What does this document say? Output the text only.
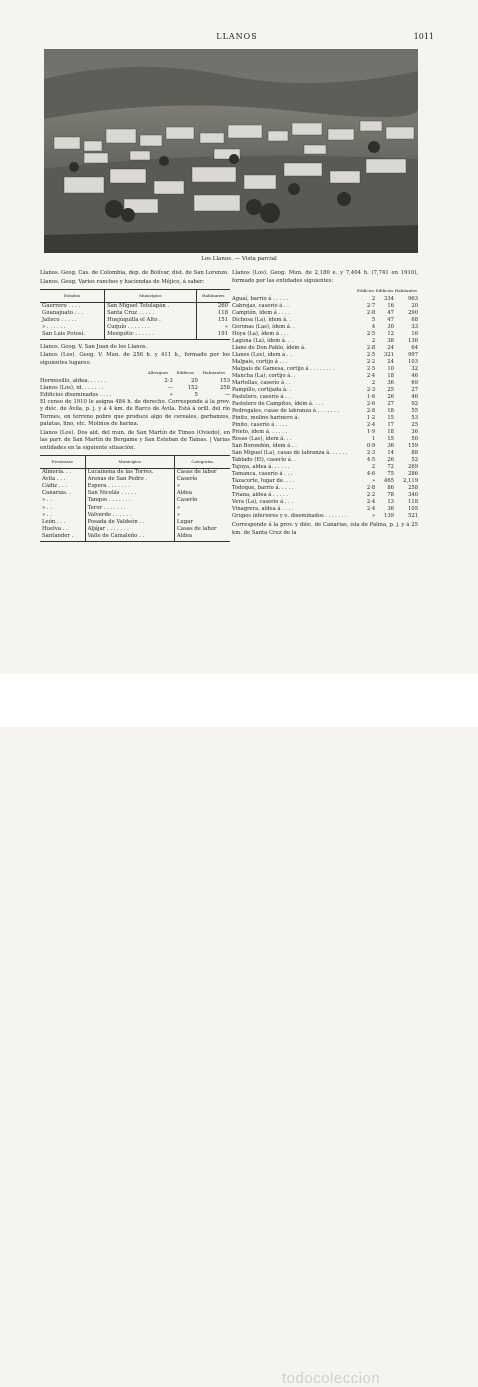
LLANOS	1011
Los Llanos. — Vista parcial

Llanos. Geog. Cas. de Colombia, dep. de Bolívar, dist. de San Lorenzo.

Llanos. Geog. Varios ranchos y haciendas de Méjico, á saber:

Estados	Municipios	Habitantes
Guerrero . . . .	San Miguel Totolapán .	260
Guanajuato . . .	Santa Cruz . . . . .	118
Jalisco . . . . .	Huejúquilla el Alto .	151
» . . . . . .	Cuquío . . . . . . .	»
San Luis Potosí.	Mezquitic . . . . . .	191

Llanos. Geog. V. San Juan de los Llanos.

Llanos (Los). Geog. V. Mun. de 256 h. y 411 h., formado por los siguientes lugares:

	Albergues	Edificios	Habitantes
Hermosillo, aldea. . . . . .	2·3	20	153
Llanos (Los), id. . . . . . .	—	152	258
Edificios diseminados . . . .	»	5	—

El censo de 1910 le asigna 484 h. de derecho. Corresponde á la prov. y dióc. de Ávila, p. j. y á 4 km. de Barco de Ávila. Está á orill. del río Tormes, en terreno pobre que produce algo de cereales, garbanzos, patatas, lino, etc. Molinos de harina.

Llanos (Los). Dos ald. del mun. de San Martín de Timeo (Oviedo), en las parr. de San Martín de Bergame y San Esteban de Taínas. | Varias entidades en la siguiente situación.

Provincias	Municipios	Categorías
Almería. . .	Lucainena de las Torres.	Casas de labor
Ávila . . .	Arenas de San Pedro .	Caserío
Cádiz . . .	Espera . . . . . . .	»
Canarias. .	San Nicolás . . . . .	Aldea
» . .	Tanque . . . . . . .	Caserío
» . .	Teror . . . . . . .	»
» . .	Valverde . . . . . .	»
León . . .	Posada de Valdeón . .	Lugar
Huelva . .	Aljájar . . . . . . .	Casas de labor
Santander .	Valle de Camaleño . .	Aldea

Llanos (Los). Geog. Mun. de 2,180 e. y 7,404 h. (7,741 en 1910), formado por las entidades siguientes:

	Edificios	Edificios	Habitantes
Aguaí, barrio á . . . . .	2	334	963
Cabrejas, caserío á . .	2·7	16	20
Camptón, ídem á . . . .	2·8	47	290
Dichosa (La), ídem á. .	5	47	68
Goronas (Las), ídem á. .	4	30	33
Hoya (La), ídem á . . .	2·5	12	16
Laguna (La), ídem á. . .	2	38	136
Llano de Don Pablo, ídem á.	2·8	24	64
Llanos (Los), ídem á . .	2·5	321	997
Malpaís, cortijo á . . .	2·2	24	103
Malpaís de Gamesa, cortijo á . . . . . . . .	2·5	10	32
Mancha (La), cortijo á. .	2·4	18	46
Martellas, caserío á . .	2	36	69
Pampillo, cortijada á. .	2·3	25	27
Pastelero, caserío á . .	1·6	26	46
Pastelero de Campitos, ídem á. . . .	2·6	27	92
Pedregales, casas de labranza á . . . . . . .	2·8	18	55
Pinito, molino harinero á.	1·2	15	53
Pinito, caserío á . . . .	2·4	17	25
Prieto, ídem á. . . . . .	1·9	18	36
Rosas (Las), ídem á. . .	1	15	50
San Borondón, ídem á . .	0·9	36	159
San Miguel (La), casas de labranza á. . . . . .	2·3	14	88
Tablado (El), caserío á. .	4·5	26	52
Tajuya, aldea á. . . . . .	2	72	269
Tamanca, caserío á . . .	4·6	75	286
Tazacorte, lugar de. . . .	»	465	2,119
Todoque, barrio á. . . . .	2·8	86	258
Triana, aldea á . . . . .	2·2	78	340
Vera (La), caserío á . . .	2·4	13	118
Vinagrera, aldea á . . . .	2·4	36	105
Grupos inferiores y e. diseminados . . . . . . .	»	139	521

Corresponde á la prov. y dióc. de Canarias, isla de Palma, p. j. y á 25 km. de Santa Cruz de la

todocoleccion
